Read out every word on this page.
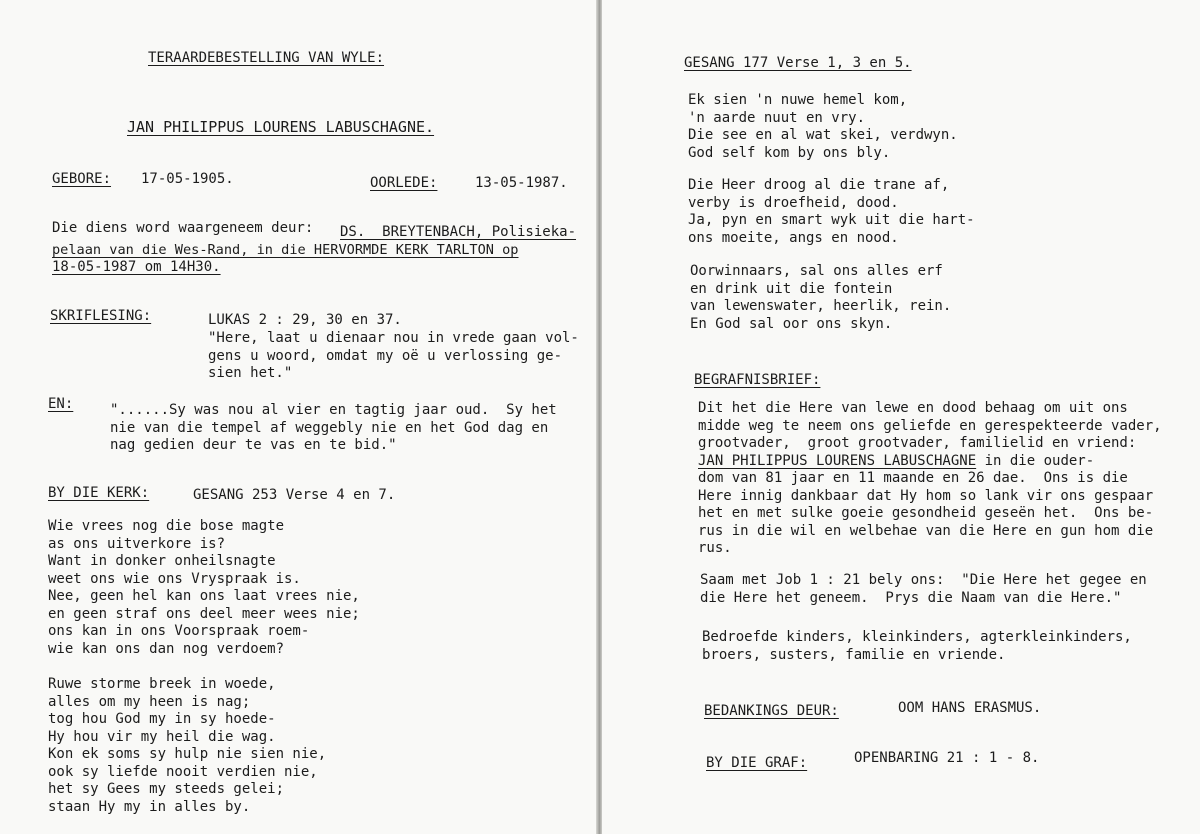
TERAARDEBESTELLING VAN WYLE:
JAN PHILIPPUS LOURENS LABUSCHAGNE.
GEBORE: 17-05-1905.	OORLEDE:	13-05-1987.
Die diens word waargeneem deur: DS.  BREYTENBACH, Polisieka-
pelaan van die Wes-Rand, in die HERVORMDE KERK TARLTON op
18-05-1987 om 14H30.
SKRIFLESING:	LUKAS 2 : 29, 30 en 37.
"Here, laat u dienaar nou in vrede gaan vol-
gens u woord, omdat my oë u verlossing ge-
sien het."
EN:	"......Sy was nou al vier en tagtig jaar oud.  Sy het
nie van die tempel af weggebly nie en het God dag en
nag gedien deur te vas en te bid."
BY DIE KERK:	GESANG 253 Verse 4 en 7.
Wie vrees nog die bose magte
as ons uitverkore is?
Want in donker onheilsnagte
weet ons wie ons Vryspraak is.
Nee, geen hel kan ons laat vrees nie,
en geen straf ons deel meer wees nie;
ons kan in ons Voorspraak roem-
wie kan ons dan nog verdoem?
Ruwe storme breek in woede,
alles om my heen is nag;
tog hou God my in sy hoede-
Hy hou vir my heil die wag.
Kon ek soms sy hulp nie sien nie,
ook sy liefde nooit verdien nie,
het sy Gees my steeds gelei;
staan Hy my in alles by.
GESANG 177 Verse 1, 3 en 5.
Ek sien 'n nuwe hemel kom,
'n aarde nuut en vry.
Die see en al wat skei, verdwyn.
God self kom by ons bly.
Die Heer droog al die trane af,
verby is droefheid, dood.
Ja, pyn en smart wyk uit die hart-
ons moeite, angs en nood.
Oorwinnaars, sal ons alles erf
en drink uit die fontein
van lewenswater, heerlik, rein.
En God sal oor ons skyn.
BEGRAFNISBRIEF:
Dit het die Here van lewe en dood behaag om uit ons
midde weg te neem ons geliefde en gerespekteerde vader,
grootvader,  groot grootvader, familielid en vriend:
JAN PHILIPPUS LOURENS LABUSCHAGNE in die ouder-
dom van 81 jaar en 11 maande en 26 dae.  Ons is die
Here innig dankbaar dat Hy hom so lank vir ons gespaar
het en met sulke goeie gesondheid geseën het.  Ons be-
rus in die wil en welbehae van die Here en gun hom die
rus.
Saam met Job 1 : 21 bely ons:  "Die Here het gegee en
die Here het geneem.  Prys die Naam van die Here."
Bedroefde kinders, kleinkinders, agterkleinkinders,
broers, susters, familie en vriende.
BEDANKINGS DEUR:	OOM HANS ERASMUS.
BY DIE GRAF:	OPENBARING 21 : 1 - 8.
